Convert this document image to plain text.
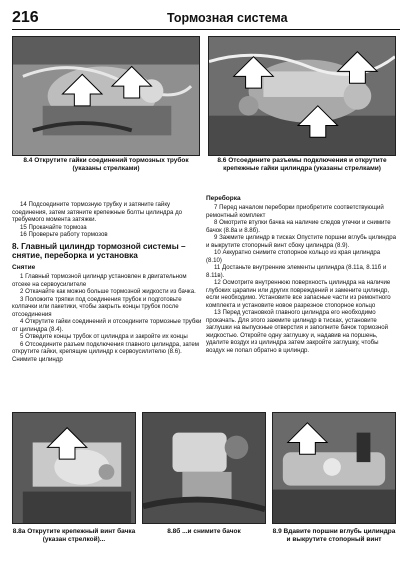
216	Тормозная система
8.4 Открутите гайки соединений тормозных трубок (указаны стрелками)
8.6 Отсоедините разъемы подключения и открутите крепежные гайки цилиндра (указаны стрелками)

14 Подсоедините тормозную трубку и затяните гайку соединения, затем затяните крепежные болты цилиндра до требуемого момента затяжки.

15 Прокачайте тормоза

16 Проверьте работу тормозов

8. Главный цилиндр тормозной системы – снятие, переборка и установка
Снятие

1 Главный тормозной цилиндр установлен в двигательном отсеке на сервоусилителе

2 Откачайте как можно больше тормозной жидкости из бачка.

3 Положите тряпки под соединения трубок и подготовьте колпачки или пакетики, чтобы закрыть концы трубок после отсоединения

4 Открутите гайки соединений и отсоедините тормозные трубки от цилиндра (8.4).

5 Отведите концы трубок от цилиндра и закройте их концы

6 Отсоедините разъем подключения главного цилиндра, затем открутите гайки, крепящие цилиндр к сервоусилителю (8.6). Снимите цилиндр

Переборка

7 Перед началом переборки приобретите соответствующий ремонтный комплект

8 Омотрите втулки бачка на наличие следов утечки и снимите бачок (8.8а и 8.8б).

9 Зажмите цилиндр в тисках Опустите поршни вглубь цилиндра и выкрутите стопорный винт сбоку цилиндра (8.9).

10 Аккуратно снимите стопорное кольцо из края цилиндра (8.10)

11 Достаньте внутренние элементы цилиндра (8.11а, 8.11б и 8.11в).

12 Осмотрите внутреннюю поверхность цилиндра на наличие глубоких царапин или других повреждений и замените цилиндр, если необходимо. Установите все запасные части из ремонтного комплекта и установите новое разрезное стопорное кольцо

13 Перед установкой главного цилиндра его необходимо прокачать. Для этого зажмите цилиндр в тисках, установите заглушки на выпускные отверстия и заполните бачок тормозной жидкостью. Откройте одну заглушку и, надавив на поршень, удалите воздух из цилиндра затем закройте заглушку, чтобы воздух не попал обратно в цилиндр.

8.8а Открутите крепежный винт бачка (указан стрелкой)...
8.8б ...и снимите бачок	8.9 Вдавите поршни вглубь цилиндра и выкрутите стопорный винт
